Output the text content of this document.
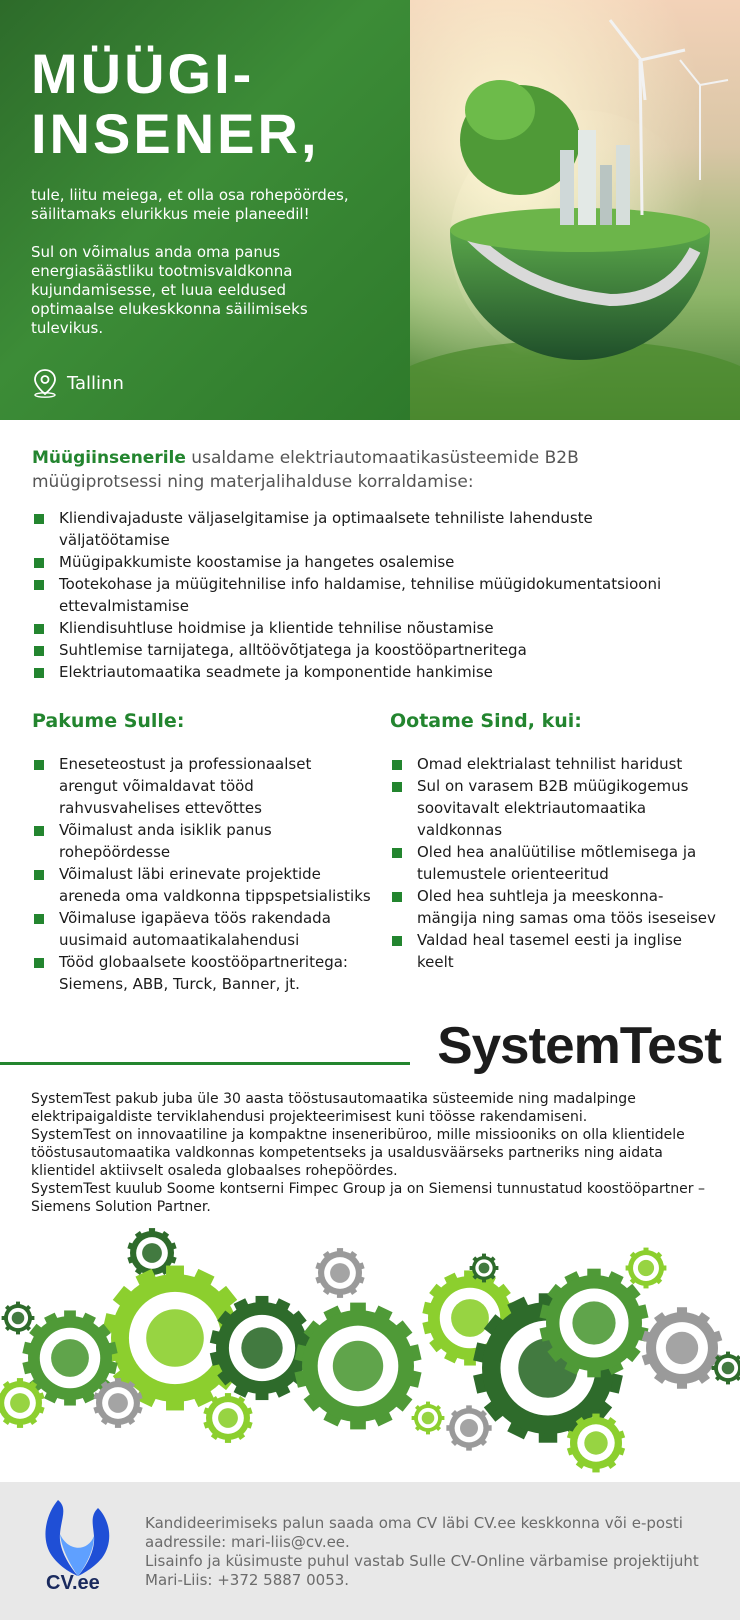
MÜÜGI-
INSENER,

tule, liitu meiega, et olla osa rohepöördes, säilitamaks elurikkus meie planeedil!

Sul on võimalus anda oma panus energiasäästliku tootmisvaldkonna kujundamisesse, et luua eeldused optimaalse elukeskkonna säilimiseks tulevikus.

Tallinn

Müügiinsenerile usaldame elektriautomaatikasüsteemide B2B müügiprotsessi ning materjalihalduse korraldamise:

Kliendivajaduste väljaselgitamise ja optimaalsete tehniliste lahenduste väljatöötamise
Müügipakkumiste koostamise ja hangetes osalemise
Tootekohase ja müügitehnilise info haldamise, tehnilise müügidokumentatsiooni ettevalmistamise
Kliendisuhtluse hoidmise ja klientide tehnilise nõustamise
Suhtlemise tarnijatega, alltöövõtjatega ja koostööpartneritega
Elektriautomaatika seadmete ja komponentide hankimise
Pakume Sulle:
Eneseteostust ja professionaalset arengut võimaldavat tööd rahvusvahelises ettevõttes
Võimalust anda isiklik panus rohepöördesse
Võimalust läbi erinevate projektide areneda oma valdkonna tippspetsialistiks
Võimaluse igapäeva töös rakendada uusimaid automaatikalahendusi
Tööd globaalsete koostööpartneritega: Siemens, ABB, Turck, Banner, jt.
Ootame Sind, kui:
Omad elektrialast tehnilist haridust
Sul on varasem B2B müügikogemus soovitavalt elektriautomaatika valdkonnas
Oled hea analüütilise mõtlemisega ja tulemustele orienteeritud
Oled hea suhtleja ja meeskonna-mängija ning samas oma töös iseseisev
Valdad heal tasemel eesti ja inglise keelt
SystemTest

SystemTest pakub juba üle 30 aasta tööstusautomaatika süsteemide ning madalpinge elektripaigaldiste terviklahendusi projekteerimisest kuni töösse rakendamiseni.

SystemTest on innovaatiline ja kompaktne inseneribüroo, mille missiooniks on olla klientidele tööstusautomaatika valdkonnas kompetentseks ja usaldusväärseks partneriks ning aidata klientidel aktiivselt osaleda globaalses rohepöördes.

SystemTest kuulub Soome kontserni Fimpec Group ja on Siemensi tunnustatud koostööpartner – Siemens Solution Partner.

CV.ee

Kandideerimiseks palun saada oma CV läbi CV.ee keskkonna või e-posti aadressile: mari-liis@cv.ee.

Lisainfo ja küsimuste puhul vastab Sulle CV-Online värbamise projektijuht Mari-Liis: +372 5887 0053.
